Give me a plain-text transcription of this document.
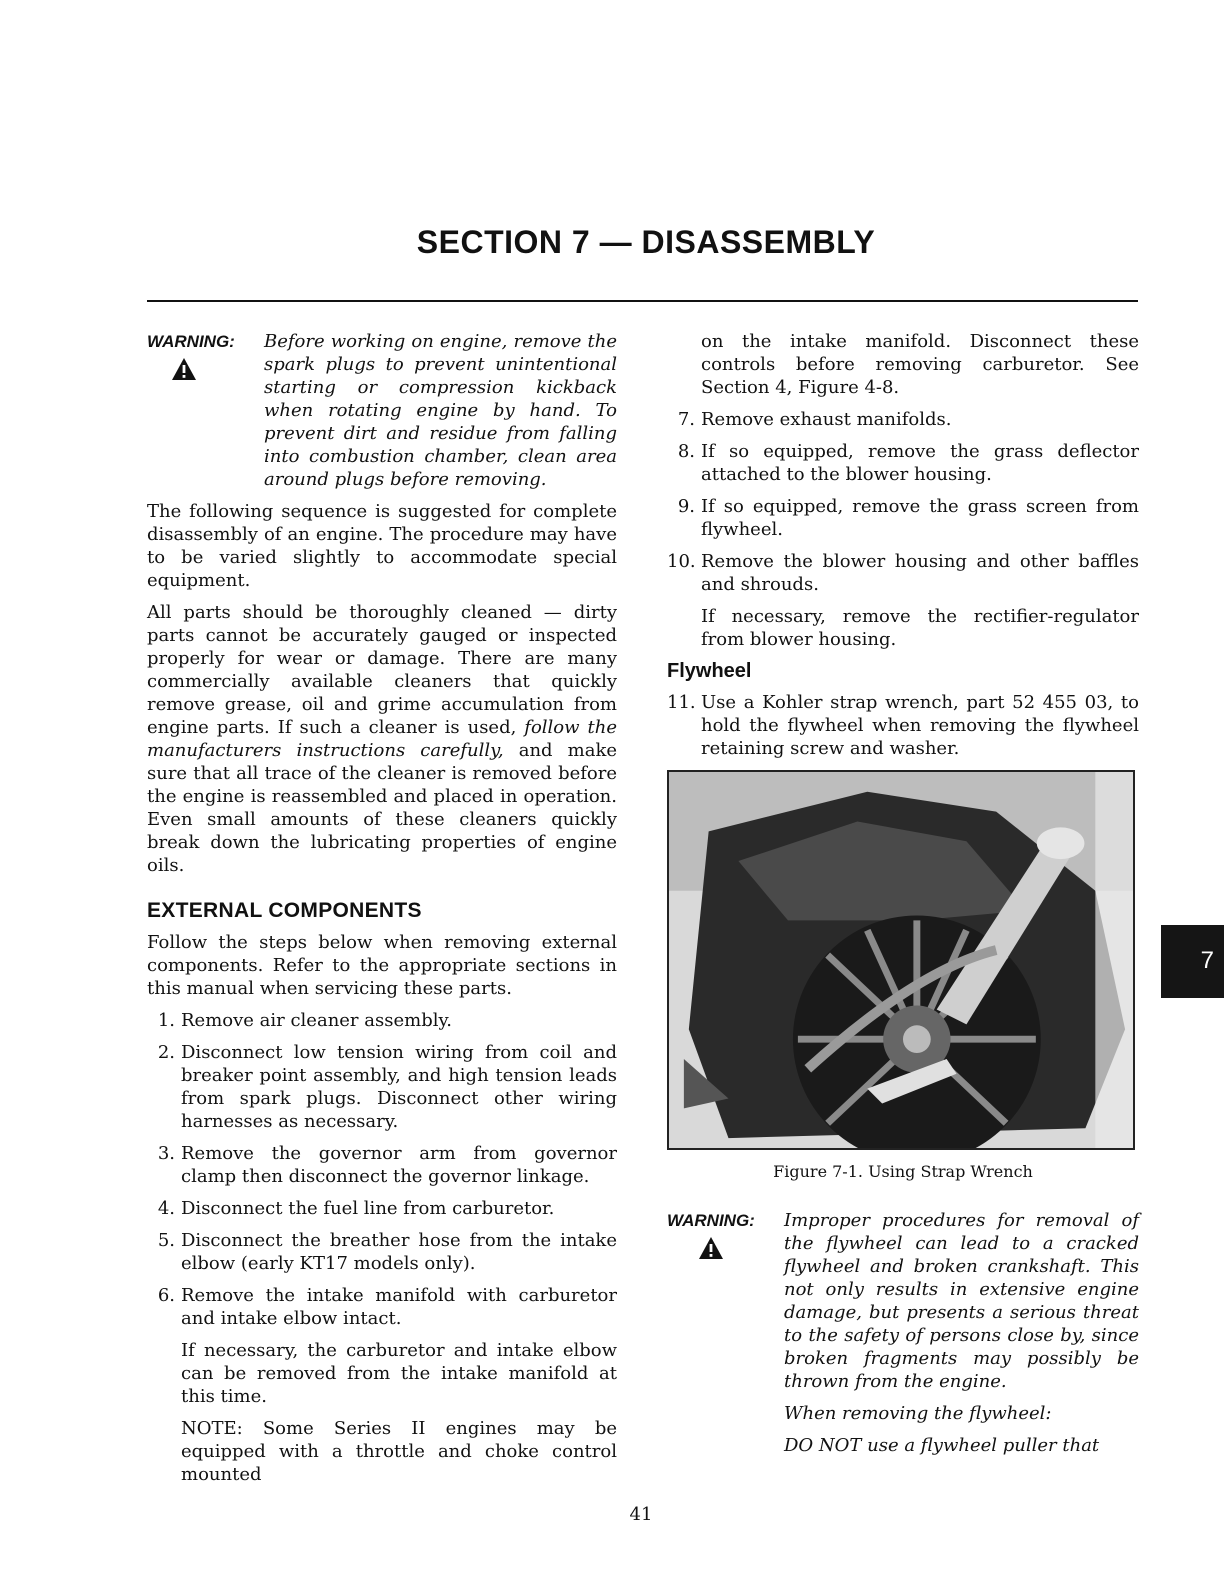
SECTION 7 — DISASSEMBLY
WARNING: Before working on engine, remove the spark plugs to prevent unintentional starting or compression kickback when rotating engine by hand. To prevent dirt and residue from falling into combustion chamber, clean area around plugs before removing.

The following sequence is suggested for complete disassembly of an engine. The procedure may have to be varied slightly to accommodate special equipment.

All parts should be thoroughly cleaned — dirty parts cannot be accurately gauged or inspected properly for wear or damage. There are many commercially available cleaners that quickly remove grease, oil and grime accumulation from engine parts. If such a cleaner is used, follow the manufacturers instructions carefully, and make sure that all trace of the cleaner is removed before the engine is reassembled and placed in operation. Even small amounts of these cleaners quickly break down the lubricating properties of engine oils.

EXTERNAL COMPONENTS

Follow the steps below when removing external components. Refer to the appropriate sections in this manual when servicing these parts.

1. Remove air cleaner assembly.
2. Disconnect low tension wiring from coil and breaker point assembly, and high tension leads from spark plugs. Disconnect other wiring harnesses as necessary.
3. Remove the governor arm from governor clamp then disconnect the governor linkage.
4. Disconnect the fuel line from carburetor.
5. Disconnect the breather hose from the intake elbow (early KT17 models only).
6. Remove the intake manifold with carburetor and intake elbow intact.

If necessary, the carburetor and intake elbow can be removed from the intake manifold at this time.

NOTE: Some Series II engines may be equipped with a throttle and choke control mounted

on the intake manifold. Disconnect these controls before removing carburetor. See Section 4, Figure 4-8.

7. Remove exhaust manifolds.
8. If so equipped, remove the grass deflector attached to the blower housing.
9. If so equipped, remove the grass screen from flywheel.
10. Remove the blower housing and other baffles and shrouds.

If necessary, remove the rectifier-regulator from blower housing.

Flywheel
11. Use a Kohler strap wrench, part 52 455 03, to hold the flywheel when removing the flywheel retaining screw and washer.
Figure 7-1. Using Strap Wrench
WARNING: Improper procedures for removal of the flywheel can lead to a cracked flywheel and broken crankshaft. This not only results in extensive engine damage, but presents a serious threat to the safety of persons close by, since broken fragments may possibly be thrown from the engine.

When removing the flywheel:

DO NOT use a flywheel puller that

7
41
